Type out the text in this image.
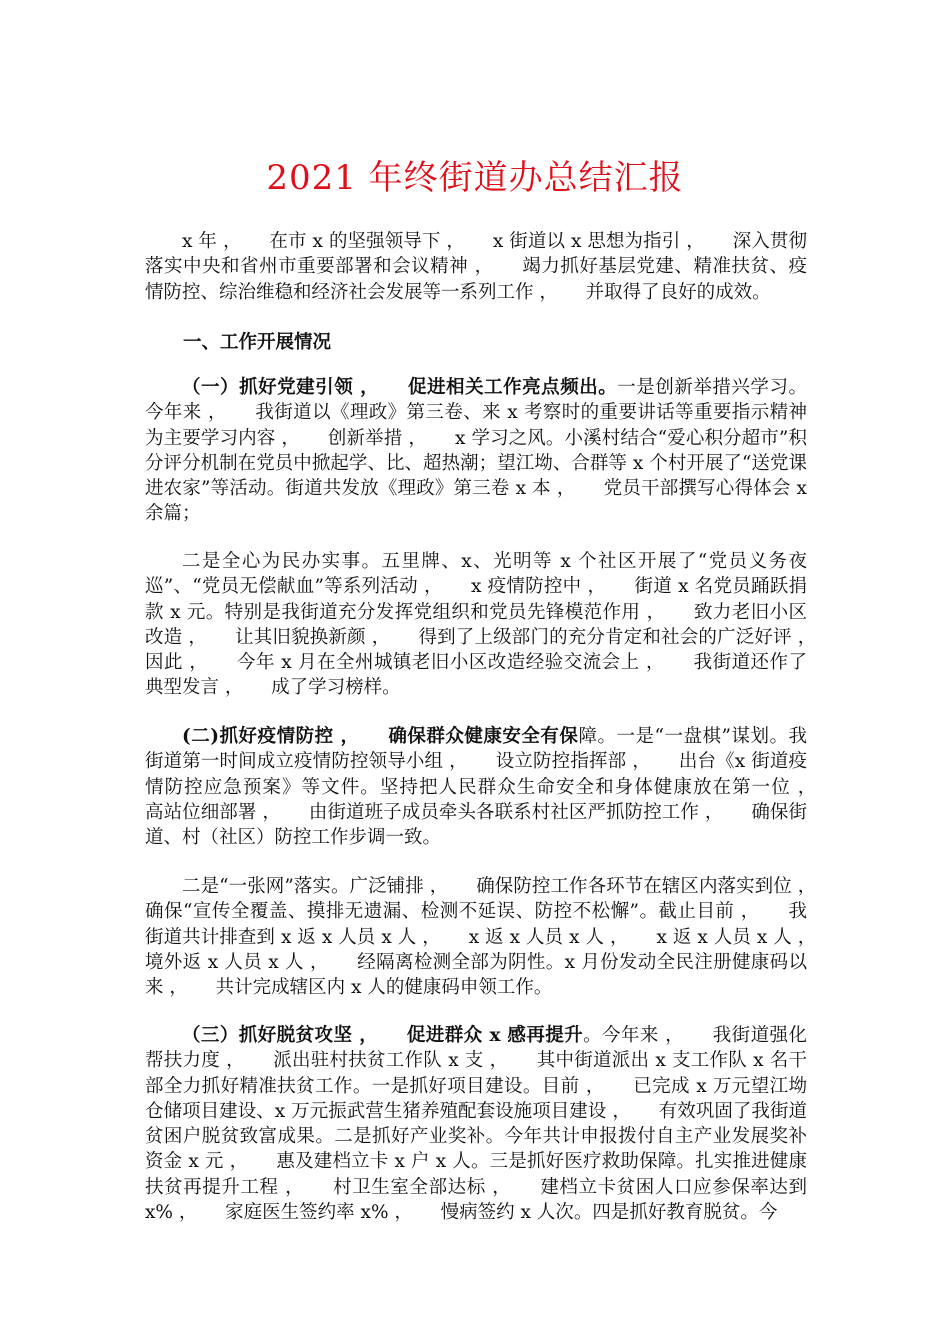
2021 年终街道办总结汇报

x 年 ，　　在市 x 的坚强领导下 ，　　x 街道以 x 思想为指引 ，　　深入贯彻落实中央和省州市重要部署和会议精神 ，　　竭力抓好基层党建、精准扶贫、疫情防控、综治维稳和经济社会发展等一系列工作 ，　　并取得了良好的成效。

一、工作开展情况

（一）抓好党建引领 ，　　促进相关工作亮点频出。一是创新举措兴学习。今年来 ，　　我街道以《理政》第三卷、来 x 考察时的重要讲话等重要指示精神为主要学习内容 ，　　创新举措 ，　　x 学习之风。小溪村结合“爱心积分超市”积分评分机制在党员中掀起学、比、超热潮；望江坳、合群等 x 个村开展了“送党课进农家”等活动。街道共发放《理政》第三卷 x 本 ，　　党员干部撰写心得体会 x 余篇；

二是全心为民办实事。五里牌、x、光明等 x 个社区开展了“党员义务夜巡”、“党员无偿献血”等系列活动 ，　　x 疫情防控中 ，　　街道 x 名党员踊跃捐款 x 元。特别是我街道充分发挥党组织和党员先锋模范作用 ，　　致力老旧小区改造 ，　　让其旧貌换新颜 ，　　得到了上级部门的充分肯定和社会的广泛好评 ，　　因此 ，　　今年 x 月在全州城镇老旧小区改造经验交流会上 ，　　我街道还作了典型发言 ，　　成了学习榜样。

(二)抓好疫情防控 ，　　确保群众健康安全有保障。一是“一盘棋”谋划。我街道第一时间成立疫情防控领导小组 ，　　设立防控指挥部 ，　　出台《x 街道疫情防控应急预案》等文件。坚持把人民群众生命安全和身体健康放在第一位 ，　　高站位细部署 ，　　由街道班子成员牵头各联系村社区严抓防控工作 ，　　确保街道、村（社区）防控工作步调一致。

二是“一张网”落实。广泛铺排 ，　　确保防控工作各环节在辖区内落实到位 ，　　确保“宣传全覆盖、摸排无遗漏、检测不延误、防控不松懈”。截止目前 ，　　我街道共计排查到 x 返 x 人员 x 人 ，　　x 返 x 人员 x 人 ，　　x 返 x 人员 x 人 ，　　境外返 x 人员 x 人 ，　　经隔离检测全部为阴性。x 月份发动全民注册健康码以来 ，　　共计完成辖区内 x 人的健康码申领工作。

（三）抓好脱贫攻坚 ，　　促进群众 x 感再提升。今年来 ，　　我街道强化帮扶力度 ，　　派出驻村扶贫工作队 x 支 ，　　其中街道派出 x 支工作队 x 名干部全力抓好精准扶贫工作。一是抓好项目建设。目前 ，　　已完成 x 万元望江坳仓储项目建设、x 万元振武营生猪养殖配套设施项目建设 ，　　有效巩固了我街道贫困户脱贫致富成果。二是抓好产业奖补。今年共计申报拨付自主产业发展奖补资金 x 元 ，　　惠及建档立卡 x 户 x 人。三是抓好医疗救助保障。扎实推进健康扶贫再提升工程 ，　　村卫生室全部达标 ，　　建档立卡贫困人口应参保率达到 x% ，　　家庭医生签约率 x% ，　　慢病签约 x 人次。四是抓好教育脱贫。今
